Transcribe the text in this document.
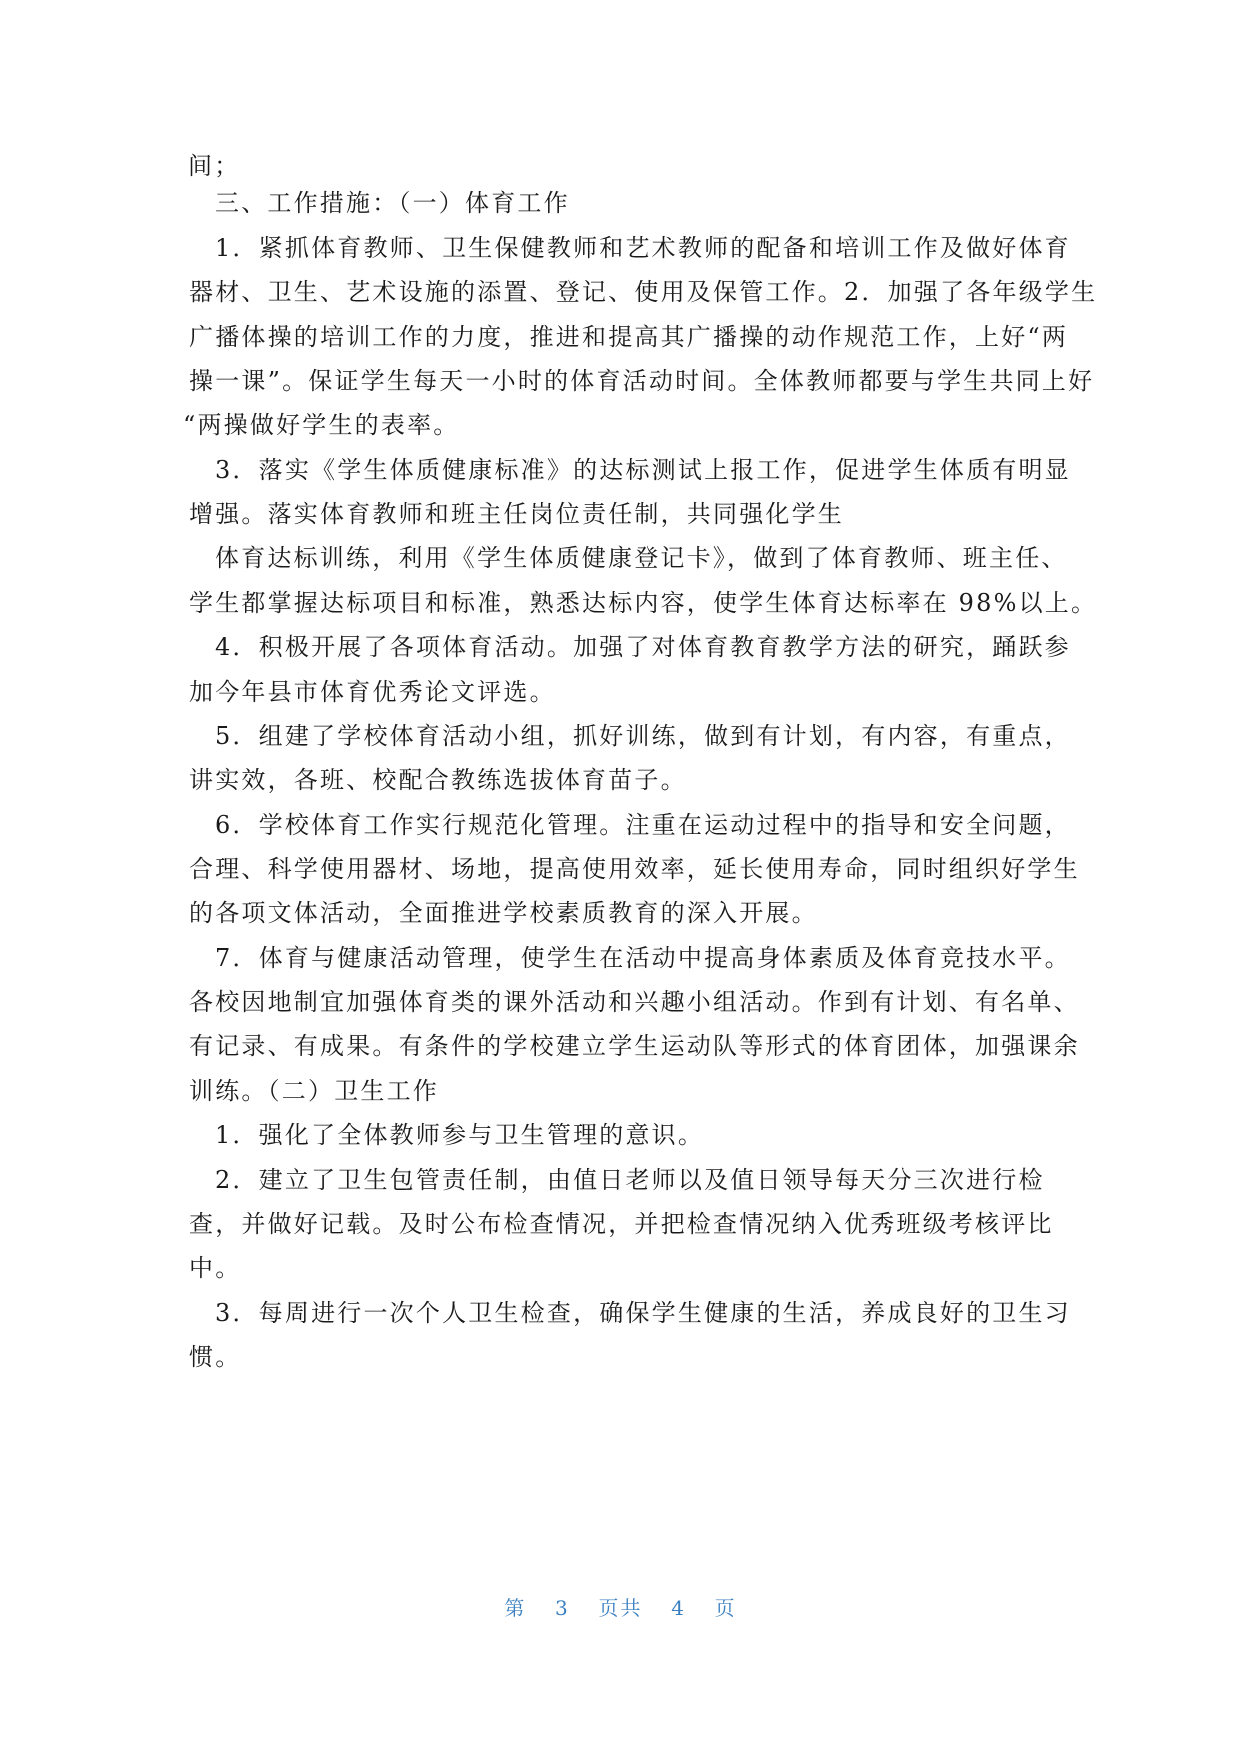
间；
三、工作措施：（一）体育工作
1．紧抓体育教师、卫生保健教师和艺术教师的配备和培训工作及做好体育
器材、卫生、艺术设施的添置、登记、使用及保管工作。2．加强了各年级学生
广播体操的培训工作的力度，推进和提高其广播操的动作规范工作，上好“两
操一课”。保证学生每天一小时的体育活动时间。全体教师都要与学生共同上好
“两操做好学生的表率。
3．落实《学生体质健康标准》的达标测试上报工作，促进学生体质有明显
增强。落实体育教师和班主任岗位责任制，共同强化学生
体育达标训练，利用《学生体质健康登记卡》，做到了体育教师、班主任、
学生都掌握达标项目和标准，熟悉达标内容，使学生体育达标率在 98%以上。
4．积极开展了各项体育活动。加强了对体育教育教学方法的研究，踊跃参
加今年县市体育优秀论文评选。
5．组建了学校体育活动小组，抓好训练，做到有计划，有内容，有重点，
讲实效，各班、校配合教练选拔体育苗子。
6．学校体育工作实行规范化管理。注重在运动过程中的指导和安全问题，
合理、科学使用器材、场地，提高使用效率，延长使用寿命，同时组织好学生
的各项文体活动，全面推进学校素质教育的深入开展。
7．体育与健康活动管理，使学生在活动中提高身体素质及体育竞技水平。
各校因地制宜加强体育类的课外活动和兴趣小组活动。作到有计划、有名单、
有记录、有成果。有条件的学校建立学生运动队等形式的体育团体，加强课余
训练。（二）卫生工作
1．强化了全体教师参与卫生管理的意识。
2．建立了卫生包管责任制，由值日老师以及值日领导每天分三次进行检
查，并做好记载。及时公布检查情况，并把检查情况纳入优秀班级考核评比
中。
3．每周进行一次个人卫生检查，确保学生健康的生活，养成良好的卫生习
惯。
第 3 页共 4 页
